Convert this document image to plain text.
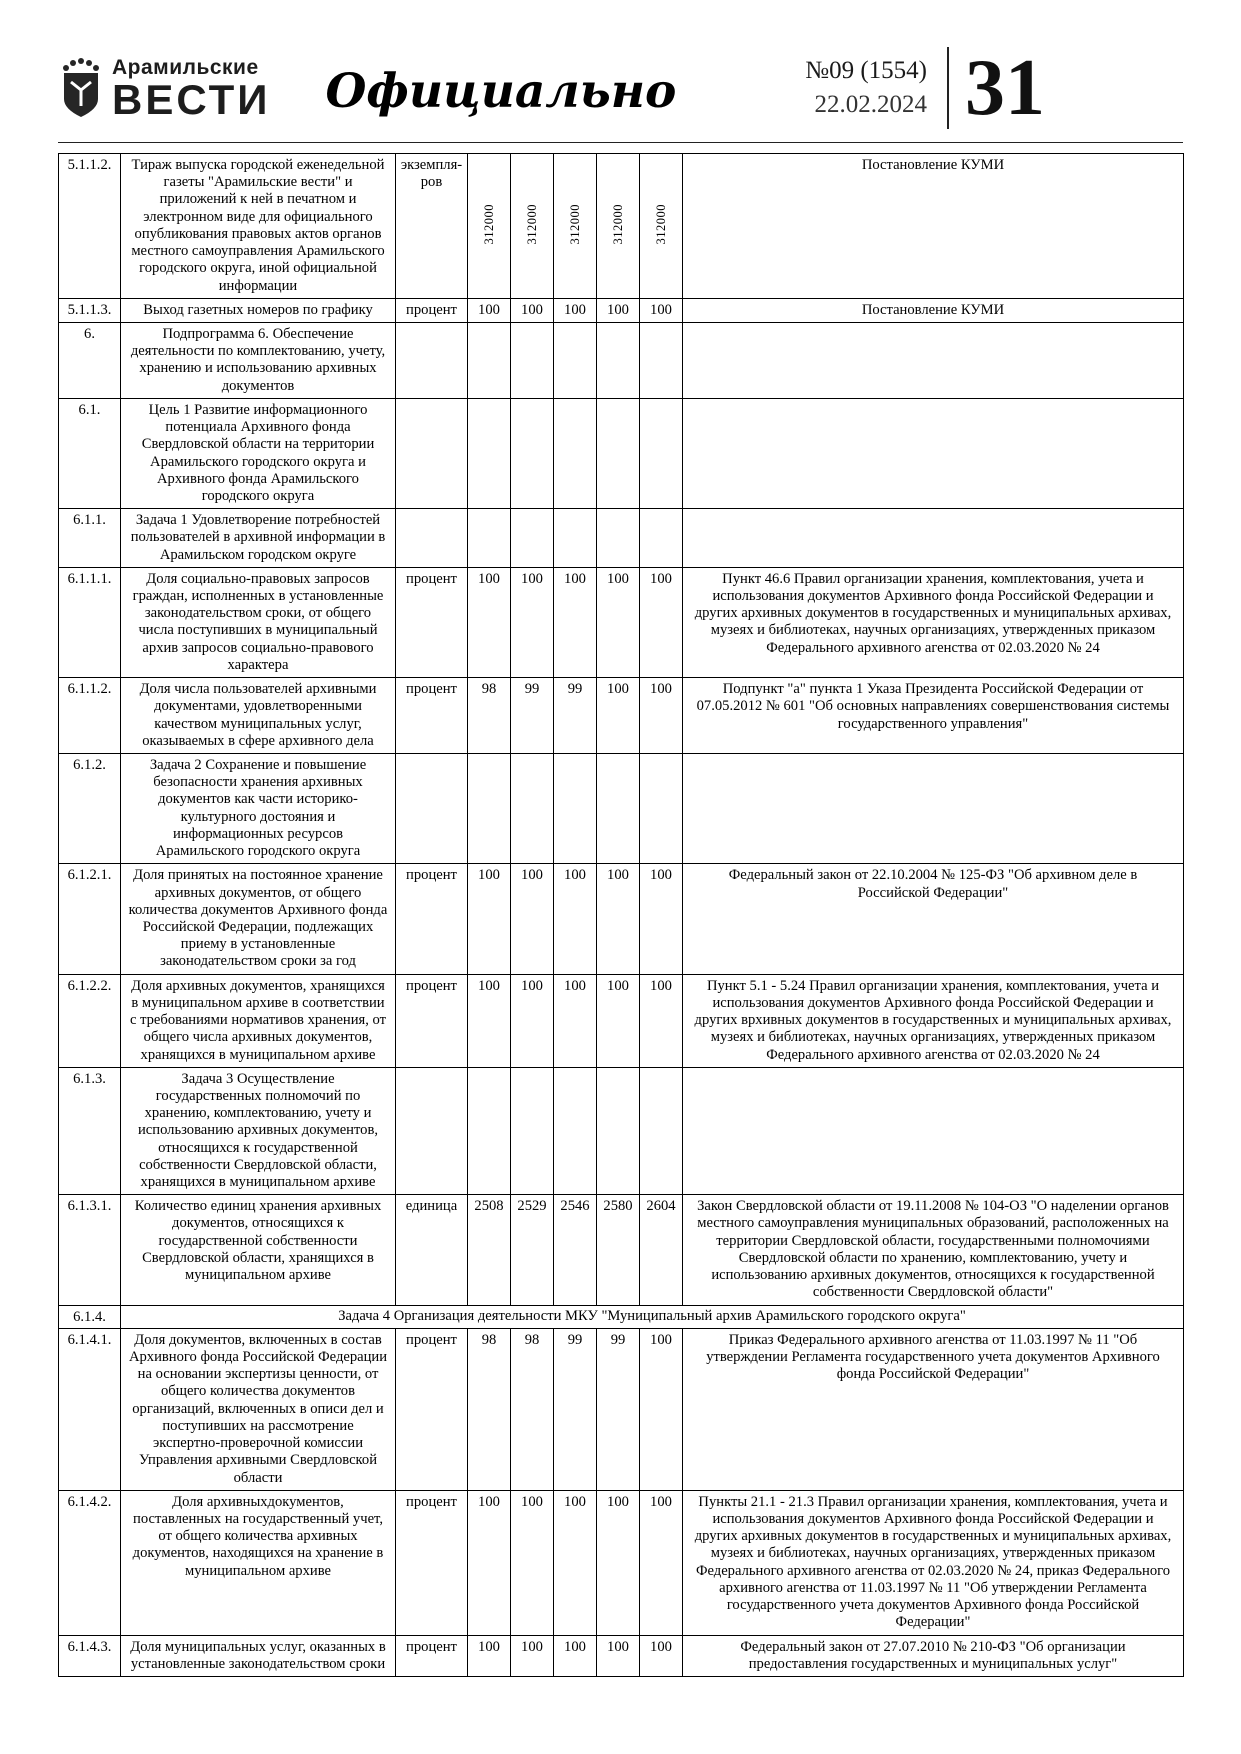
Арамильские
ВЕСТИ Официально	№09 (1554)
22.02.2024 31
5.1.1.2.	Тираж выпуска городской еженедельной газеты "Арамильские вести" и приложений к ней в печатном и электронном виде для официального опубликования правовых актов органов местного самоуправления Арамильского городского округа, иной официальной информации	экземпля-ров	312000	312000	312000	312000	312000	Постановление КУМИ
5.1.1.3.	Выход газетных номеров по графику	процент	100	100	100	100	100	Постановление КУМИ
6.	Подпрограмма 6. Обеспечение деятельности по комплектованию, учету, хранению и использованию архивных документов							
6.1.	Цель 1 Развитие информационного потенциала Архивного фонда Свердловской области на территории Арамильского городского округа и Архивного фонда Арамильского городского округа							
6.1.1.	Задача 1 Удовлетворение потребностей пользователей в архивной информации в Арамильском городском округе							
6.1.1.1.	Доля социально-правовых запросов граждан, исполненных в установленные законодательством сроки, от общего числа поступивших в муниципальный архив запросов социально-правового характера	процент	100	100	100	100	100	Пункт 46.6 Правил организации хранения, комплектования, учета и использования документов Архивного фонда Российской Федерации и других архивных документов в государственных и муниципальных архивах, музеях и библиотеках, научных организациях, утвержденных приказом Федерального архивного агенства от 02.03.2020 № 24
6.1.1.2.	Доля числа пользователей архивными документами, удовлетворенными качеством муниципальных услуг, оказываемых в сфере архивного дела	процент	98	99	99	100	100	Подпункт "а" пункта 1 Указа Президента Российской Федерации от 07.05.2012 № 601 "Об основных направлениях совершенствования системы государственного управления"
6.1.2.	Задача 2 Сохранение и повышение безопасности хранения архивных документов как части историко-культурного достояния и информационных ресурсов Арамильского городского округа							
6.1.2.1.	Доля принятых на постоянное хранение архивных документов, от общего количества документов Архивного фонда Российской Федерации, подлежащих приему в установленные законодательством сроки за год	процент	100	100	100	100	100	Федеральный закон от 22.10.2004 № 125-ФЗ "Об архивном деле в Российской Федерации"
6.1.2.2.	Доля архивных документов, хранящихся в муниципальном архиве в соответствии с требованиями нормативов хранения, от общего числа архивных документов, хранящихся в муниципальном архиве	процент	100	100	100	100	100	Пункт 5.1 - 5.24 Правил организации хранения, комплектования, учета и использования документов Архивного фонда Российской Федерации и других врхивных документов в государственных и муниципальных архивах, музеях и библиотеках, научных организациях, утвержденных приказом Федерального архивного агенства от 02.03.2020 № 24
6.1.3.	Задача 3 Осуществление государственных полномочий по хранению, комплектованию, учету и использованию архивных документов, относящихся к государственной собственности Свердловской области, хранящихся в муниципальном архиве							
6.1.3.1.	Количество единиц хранения архивных документов, относящихся к государственной собственности Свердловской области, хранящихся в муниципальном архиве	единица	2508	2529	2546	2580	2604	Закон Свердловской области от 19.11.2008 № 104-ОЗ "О наделении органов местного самоуправления муниципальных образований, расположенных на территории Свердловской области, государственными полномочиями Свердловской области по хранению, комплектованию, учету и использованию архивных документов, относящихся к государственной собственности Свердловской области"
6.1.4.	Задача 4 Организация деятельности МКУ "Муниципальный архив Арамильского городского округа"							
6.1.4.1.	Доля документов, включенных в состав Архивного фонда Российской Федерации на основании экспертизы ценности, от общего количества документов организаций, включенных в описи дел и поступивших на рассмотрение экспертно-проверочной комиссии Управления архивными Свердловской области	процент	98	98	99	99	100	Приказ Федерального архивного агенства от 11.03.1997 № 11 "Об утверждении Регламента государственного учета документов Архивного фонда Российской Федерации"
6.1.4.2.	Доля архивныхдокументов, поставленных на государственный учет, от общего количества архивных документов, находящихся на хранение в муниципальном архиве	процент	100	100	100	100	100	Пункты 21.1 - 21.3 Правил организации хранения, комплектования, учета и использования документов Архивного фонда Российской Федерации и других архивных документов в государственных и муниципальных архивах, музеях и библиотеках, научных организациях, утвержденных приказом Федерального архивного агенства от 02.03.2020 № 24, приказ Федерального архивного агенства от 11.03.1997 № 11 "Об утверждении Регламента государственного учета документов Архивного фонда Российской Федерации"
6.1.4.3.	Доля муниципальных услуг, оказанных в установленные законодательством сроки	процент	100	100	100	100	100	Федеральный закон от 27.07.2010 № 210-ФЗ "Об организации предоставления государственных и муниципальных услуг"
